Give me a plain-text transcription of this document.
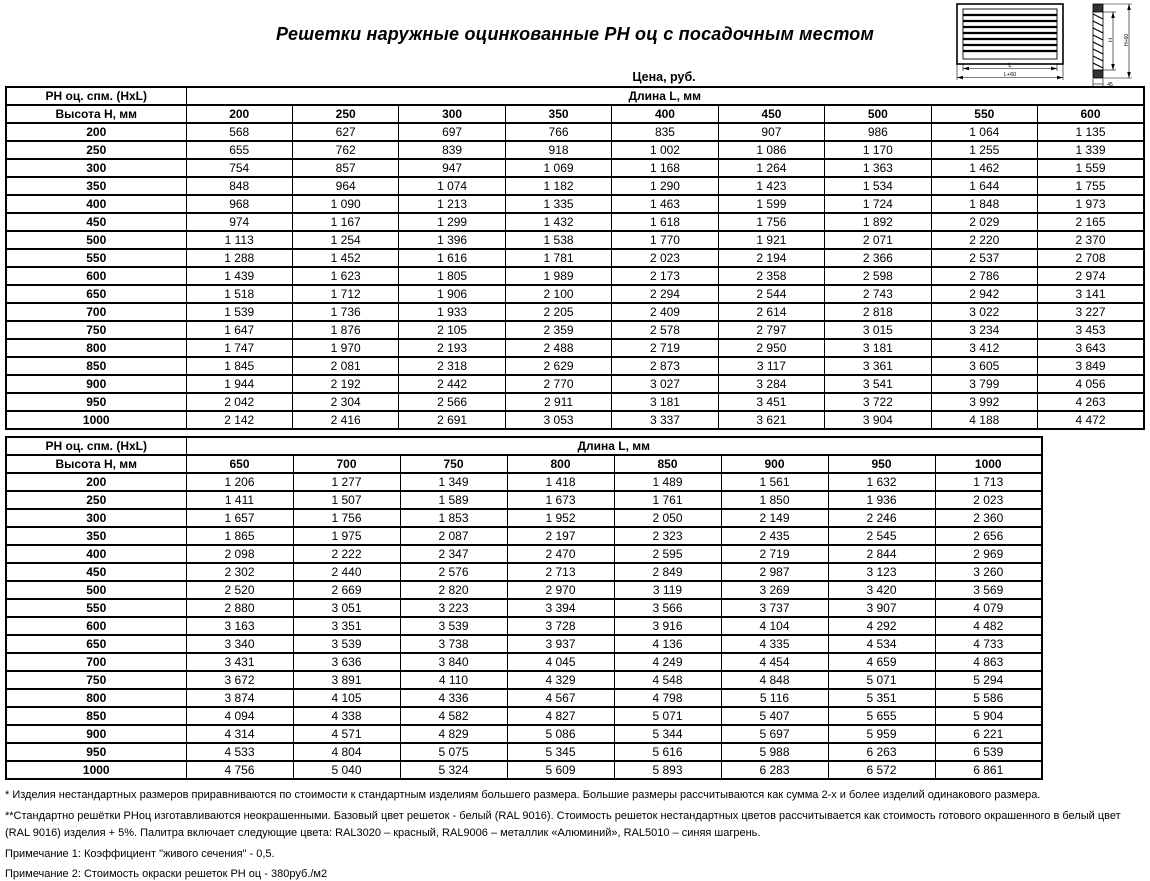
Решетки наружные оцинкованные РН оц с посадочным местом
L
L+60
H H+60
45
Цена, руб.
РН оц. спм. (HxL)	Длина L, мм								
Высота H, мм	200	250	300	350	400	450	500	550	600
200	568	627	697	766	835	907	986	1 064	1 135
250	655	762	839	918	1 002	1 086	1 170	1 255	1 339
300	754	857	947	1 069	1 168	1 264	1 363	1 462	1 559
350	848	964	1 074	1 182	1 290	1 423	1 534	1 644	1 755
400	968	1 090	1 213	1 335	1 463	1 599	1 724	1 848	1 973
450	974	1 167	1 299	1 432	1 618	1 756	1 892	2 029	2 165
500	1 113	1 254	1 396	1 538	1 770	1 921	2 071	2 220	2 370
550	1 288	1 452	1 616	1 781	2 023	2 194	2 366	2 537	2 708
600	1 439	1 623	1 805	1 989	2 173	2 358	2 598	2 786	2 974
650	1 518	1 712	1 906	2 100	2 294	2 544	2 743	2 942	3 141
700	1 539	1 736	1 933	2 205	2 409	2 614	2 818	3 022	3 227
750	1 647	1 876	2 105	2 359	2 578	2 797	3 015	3 234	3 453
800	1 747	1 970	2 193	2 488	2 719	2 950	3 181	3 412	3 643
850	1 845	2 081	2 318	2 629	2 873	3 117	3 361	3 605	3 849
900	1 944	2 192	2 442	2 770	3 027	3 284	3 541	3 799	4 056
950	2 042	2 304	2 566	2 911	3 181	3 451	3 722	3 992	4 263
1000	2 142	2 416	2 691	3 053	3 337	3 621	3 904	4 188	4 472
РН оц. спм. (HxL)	Длина L, мм							
Высота H, мм	650	700	750	800	850	900	950	1000
200	1 206	1 277	1 349	1 418	1 489	1 561	1 632	1 713
250	1 411	1 507	1 589	1 673	1 761	1 850	1 936	2 023
300	1 657	1 756	1 853	1 952	2 050	2 149	2 246	2 360
350	1 865	1 975	2 087	2 197	2 323	2 435	2 545	2 656
400	2 098	2 222	2 347	2 470	2 595	2 719	2 844	2 969
450	2 302	2 440	2 576	2 713	2 849	2 987	3 123	3 260
500	2 520	2 669	2 820	2 970	3 119	3 269	3 420	3 569
550	2 880	3 051	3 223	3 394	3 566	3 737	3 907	4 079
600	3 163	3 351	3 539	3 728	3 916	4 104	4 292	4 482
650	3 340	3 539	3 738	3 937	4 136	4 335	4 534	4 733
700	3 431	3 636	3 840	4 045	4 249	4 454	4 659	4 863
750	3 672	3 891	4 110	4 329	4 548	4 848	5 071	5 294
800	3 874	4 105	4 336	4 567	4 798	5 116	5 351	5 586
850	4 094	4 338	4 582	4 827	5 071	5 407	5 655	5 904
900	4 314	4 571	4 829	5 086	5 344	5 697	5 959	6 221
950	4 533	4 804	5 075	5 345	5 616	5 988	6 263	6 539
1000	4 756	5 040	5 324	5 609	5 893	6 283	6 572	6 861
* Изделия нестандартных размеров приравниваются по стоимости к стандартным изделиям большего размера. Большие размеры рассчитываются как сумма 2-х и более изделий одинакового размера.
**Стандартно решётки РНоц изготавливаются неокрашенными. Базовый цвет решеток - белый (RAL 9016). Стоимость решеток нестандартных цветов рассчитывается как стоимость готового окрашенного в белый цвет
(RAL 9016) изделия + 5%. Палитра включает следующие цвета: RAL3020 – красный, RAL9006 – металлик «Алюминий», RAL5010 – синяя шагрень.
Примечание 1: Коэффициент "живого сечения" - 0,5.
Примечание 2: Стоимость окраски решеток РН оц - 380руб./м2
